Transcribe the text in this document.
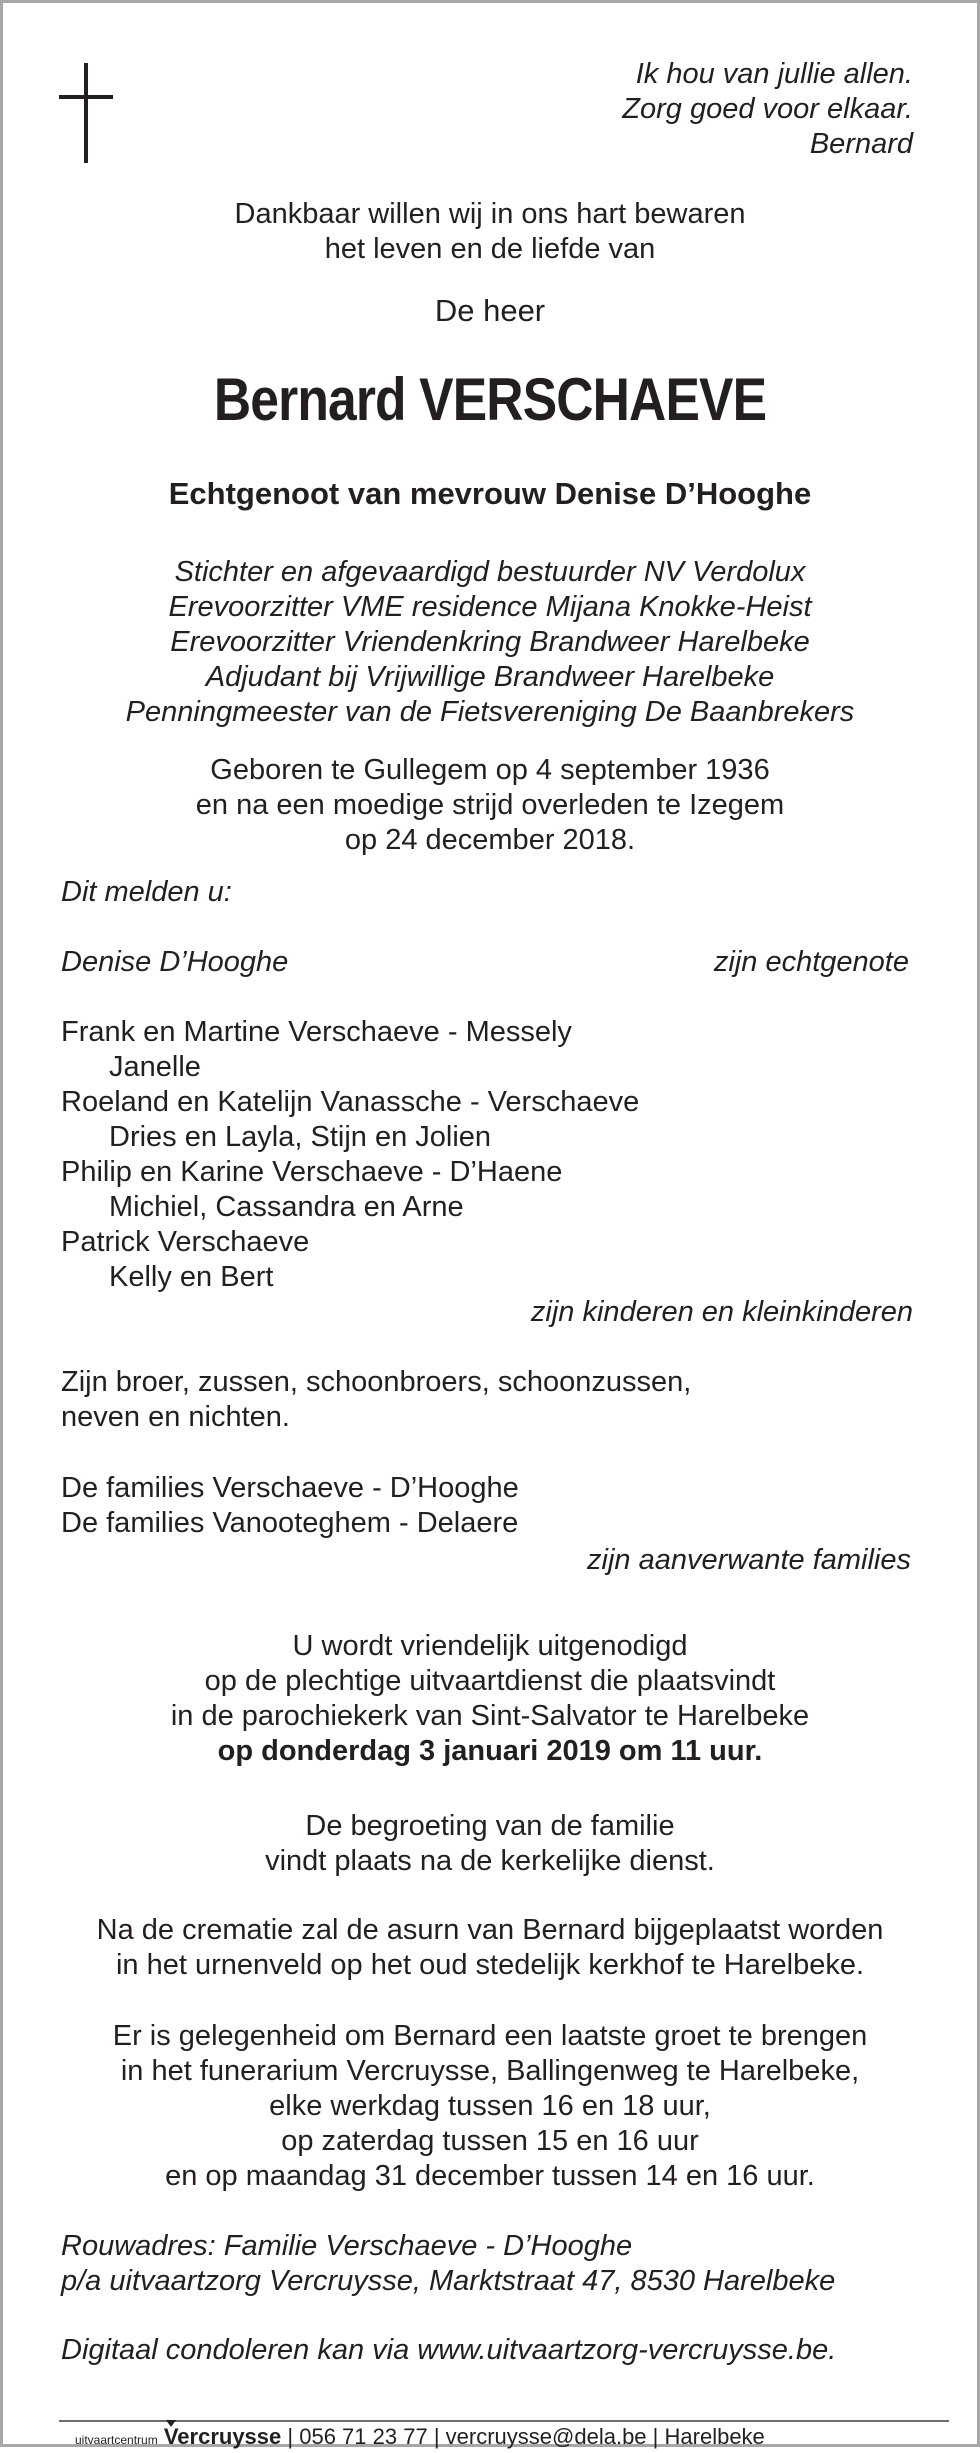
Ik hou van jullie allen.
Zorg goed voor elkaar.
Bernard
Dankbaar willen wij in ons hart bewaren
het leven en de liefde van
De heer
Bernard VERSCHAEVE
Echtgenoot van mevrouw Denise D’Hooghe
Stichter en afgevaardigd bestuurder NV Verdolux
Erevoorzitter VME residence Mijana Knokke-Heist
Erevoorzitter Vriendenkring Brandweer Harelbeke
Adjudant bij Vrijwillige Brandweer Harelbeke
Penningmeester van de Fietsvereniging De Baanbrekers
Geboren te Gullegem op 4 september 1936
en na een moedige strijd overleden te Izegem
op 24 december 2018.
Dit melden u:
Denise D’Hooghe	zijn echtgenote
Frank en Martine Verschaeve - Messely
Janelle
Roeland en Katelijn Vanassche - Verschaeve
Dries en Layla, Stijn en Jolien
Philip en Karine Verschaeve - D’Haene
Michiel, Cassandra en Arne
Patrick Verschaeve
Kelly en Bert
zijn kinderen en kleinkinderen
Zijn broer, zussen, schoonbroers, schoonzussen,
neven en nichten.
De families Verschaeve - D’Hooghe
De families Vanooteghem - Delaere
zijn aanverwante families
U wordt vriendelijk uitgenodigd
op de plechtige uitvaartdienst die plaatsvindt
in de parochiekerk van Sint-Salvator te Harelbeke
op donderdag 3 januari 2019 om 11 uur.
De begroeting van de familie
vindt plaats na de kerkelijke dienst.
Na de crematie zal de asurn van Bernard bijgeplaatst worden
in het urnenveld op het oud stedelijk kerkhof te Harelbeke.
Er is gelegenheid om Bernard een laatste groet te brengen
in het funerarium Vercruysse, Ballingenweg te Harelbeke,
elke werkdag tussen 16 en 18 uur,
op zaterdag tussen 15 en 16 uur
en op maandag 31 december tussen 14 en 16 uur.
Rouwadres: Familie Verschaeve - D’Hooghe
p/a uitvaartzorg Vercruysse, Marktstraat 47, 8530 Harelbeke
Digitaal condoleren kan via www.uitvaartzorg-vercruysse.be.
uitvaartcentrum Vercruysse | 056 71 23 77 | vercruysse@dela.be | Harelbeke
